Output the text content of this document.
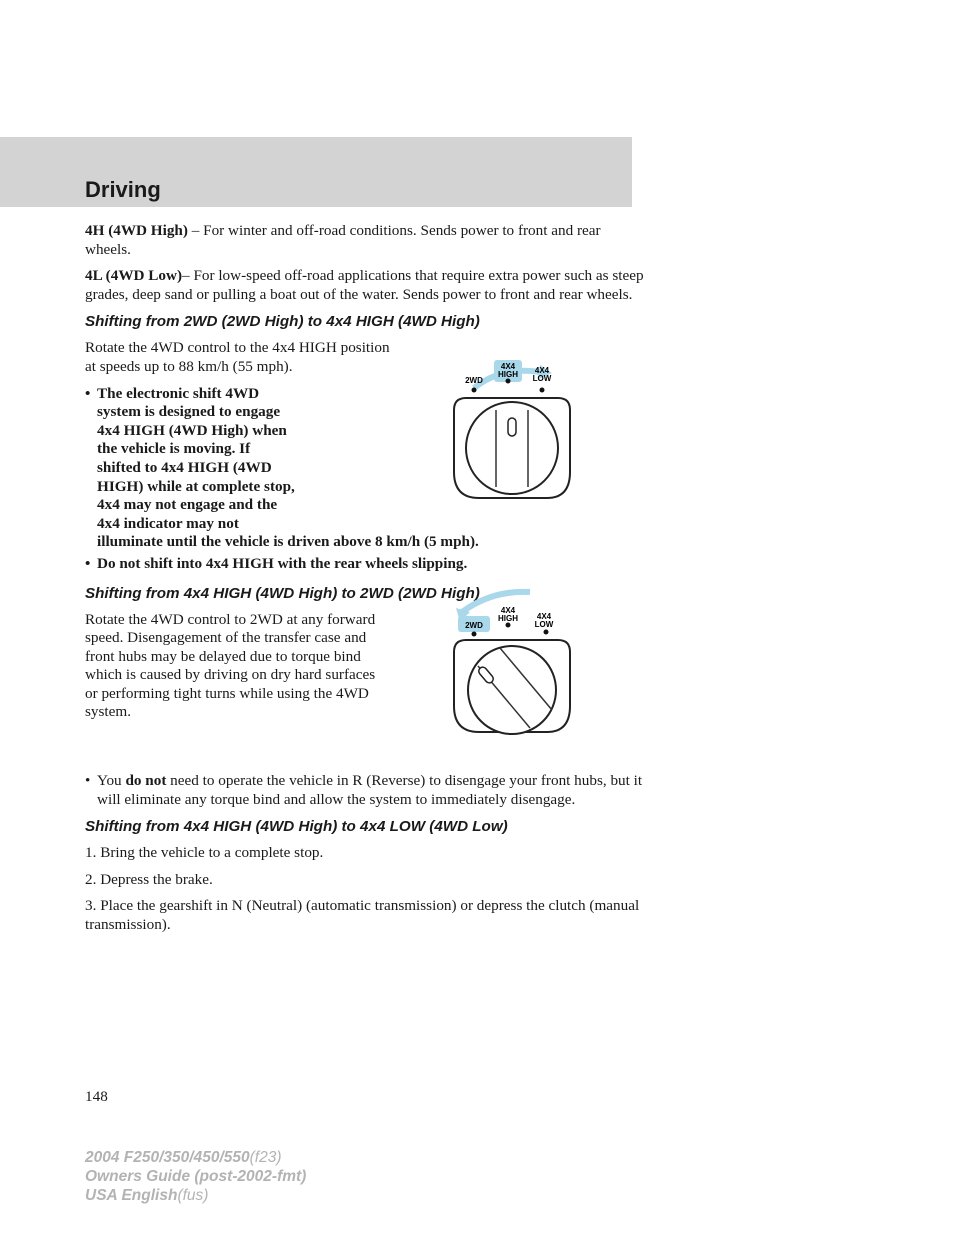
Driving

4H (4WD High) – For winter and off-road conditions. Sends power to front and rear wheels.

4L (4WD Low)– For low-speed off-road applications that require extra power such as steep grades, deep sand or pulling a boat out of the water. Sends power to front and rear wheels.

Shifting from 2WD (2WD High) to 4x4 HIGH (4WD High)

Rotate the 4WD control to the 4x4 HIGH position at speeds up to 88 km/h (55 mph).

• The electronic shift 4WD
system is designed to engage
4x4 HIGH (4WD High) when
the vehicle is moving. If
shifted to 4x4 HIGH (4WD
HIGH) while at complete stop,
4x4 may not engage and the
4x4 indicator may not
illuminate until the vehicle is driven above 8 km/h (5 mph).
• Do not shift into 4x4 HIGH with the rear wheels slipping.
Shifting from 4x4 HIGH (4WD High) to 2WD (2WD High)

Rotate the 4WD control to 2WD at any forward speed. Disengagement of the transfer case and front hubs may be delayed due to torque bind which is caused by driving on dry hard surfaces or performing tight turns while using the 4WD system.

• You do not need to operate the vehicle in R (Reverse) to disengage your front hubs, but it will eliminate any torque bind and allow the system to immediately disengage.
Shifting from 4x4 HIGH (4WD High) to 4x4 LOW (4WD Low)

1. Bring the vehicle to a complete stop.

2. Depress the brake.

3. Place the gearshift in N (Neutral) (automatic transmission) or depress the clutch (manual transmission).

2WD
4X4
HIGH 4X4
LOW
2WD
4X4
HIGH 4X4
LOW
148
2004 F250/350/450/550(f23)
Owners Guide (post-2002-fmt)
USA English(fus)
